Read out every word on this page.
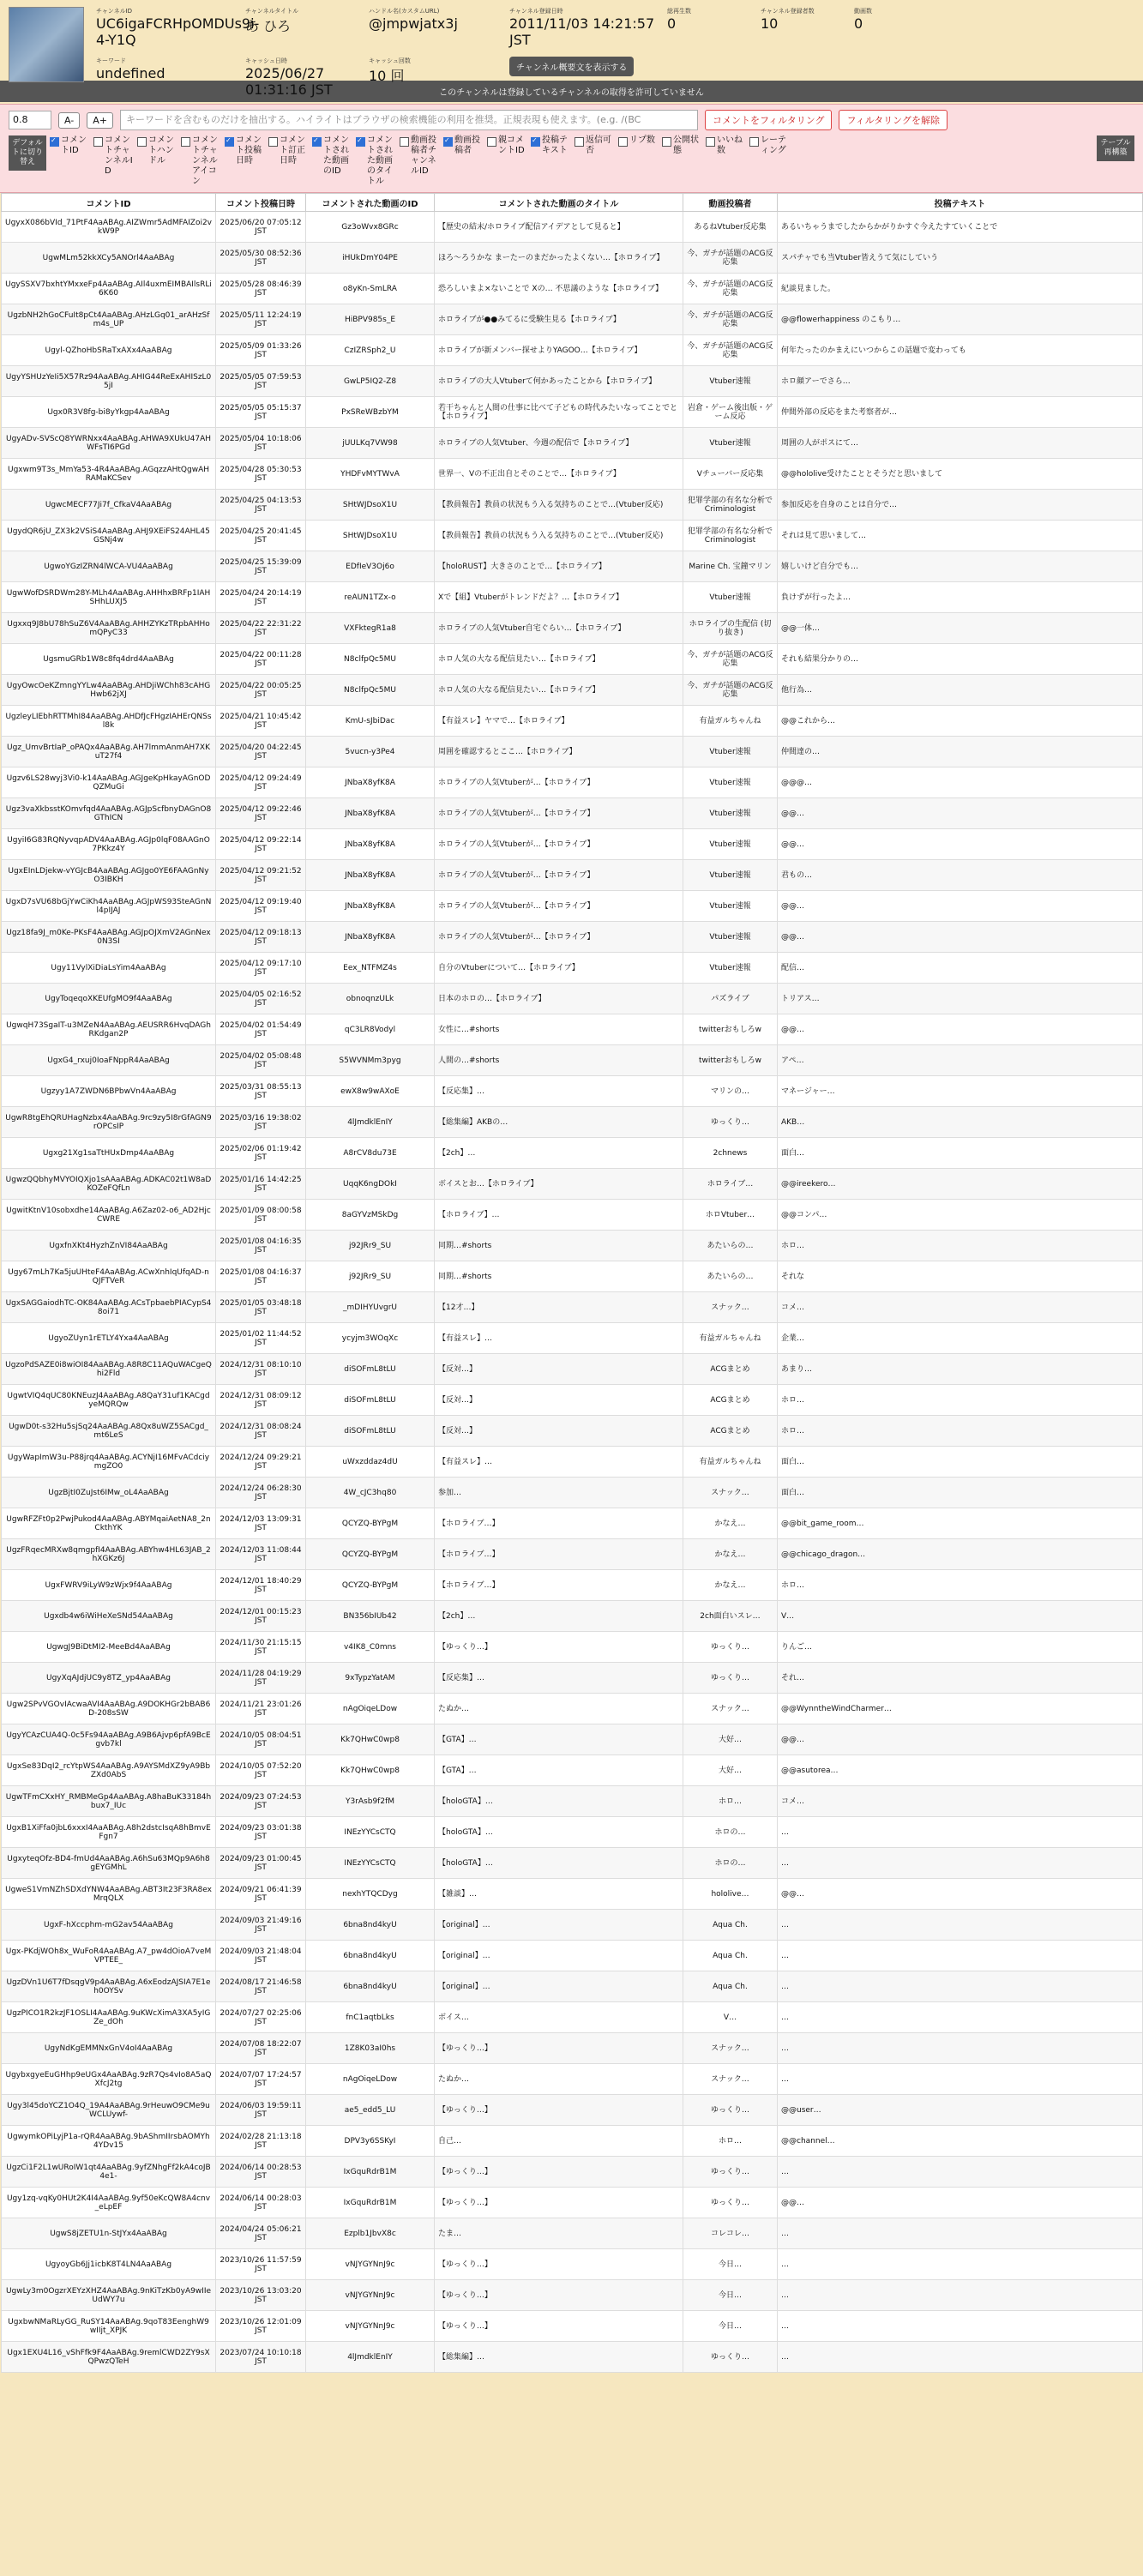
チャンネルID
UC6igaFCRHpOMDUs9i-4-Y1Q
チャンネルタイトル
あ ひろ
ハンドル名(カスタムURL)
@jmpwjatx3j
チャンネル登録日時
2011/11/03 14:21:57 JST
総再生数
0
チャンネル登録者数
10
動画数
0
キーワード
undefined
キャッシュ日時
2025/06/27 01:31:16 JST
キャッシュ回数
10 回	チャンネル概要文を表示する
このチャンネルは登録しているチャンネルの取得を許可していません
0.8	A-	A+	キーワードを含むものだけを抽出する。ハイライトはブラウザの検索機能の利用を推奨。正規表現も使えます。(e.g. /(BC	コメントをフィルタリング	フィルタリングを解除
デフォルトに切り替え
✓
コメントID
コメントチャンネルID
コメントハンドル
コメントチャンネルアイコン
✓
コメント投稿日時
コメント訂正日時
✓
コメントされた動画のID
✓
コメントされた動画のタイトル
動画投稿者チャンネルID
✓
動画投稿者
親コメントID
✓
投稿テキスト
返信可否
リプ数	公開状態
いいね数
レーティング
テーブル再構築
コメントID	コメント投稿日時	コメントされた動画のID	コメントされた動画のタイトル	動画投稿者	投稿テキスト
UgyxX086bVId_71PtF4AaABAg.AIZWmr5AdMFAIZoi2vkW9P	2025/06/20 07:05:12 JST	Gz3oWvx8GRc	【歴史の結末/ホロライブ配信アイデアとして見ると】	あるねVtuber反応集	あるいちゃうまでしたからかがりかすぐ今えたすていくことで
UgwMLm52kkXCy5ANOrl4AaABAg	2025/05/30 08:52:36 JST	iHUkDmY04PE	ほろ〜ろうかな まーたーのまだかったよくない…【ホロライブ】	今、ガチが話題のACG反応集	スパチャでも当Vtuber皆えうて気にしていう
UgySSXV7bxhtYMxxeFp4AaABAg.AIl4uxmEIMBAIlsRLi6K60	2025/05/28 08:46:39 JST	o8yKn-SmLRA	恐ろしいまよ×ないことで Xの… 不思議のような【ホロライブ】	今、ガチが話題のACG反応集	紀談見ました。
UgzbNH2hGoCFuIt8pCt4AaABAg.AHzLGq01_arAHzSfm4s_UP	2025/05/11 12:24:19 JST	HiBPV985s_E	ホロライブが●●みてるに受験生見る【ホロライブ】	今、ガチが話題のACG反応集	@@flowerhappiness のこもり…
Ugyl-QZhoHbSRaTxAXx4AaABAg	2025/05/09 01:33:26 JST	CzIZRSph2_U	ホロライブが新メンバー探せよりYAGOO…【ホロライブ】	今、ガチが話題のACG反応集	何年たったのかまえにいつからこの話題で変わっても
UgyYSHUzYeIi5X57Rz94AaABAg.AHIG44ReExAHISzL05jI	2025/05/05 07:59:53 JST	GwLP5IQ2-Z8	ホロライブの大人Vtuberて何かあったことから【ホロライブ】	Vtuber速報	ホロ顔アーでさら…
Ugx0R3V8fg-bi8yYkgp4AaABAg	2025/05/05 05:15:37 JST	PxSReWBzbYM	若干ちゃんと人間の仕事に比べて子どもの時代みたいなってことでと【ホロライブ】	岩倉・ゲーム後出版・ゲーム反応	仲間外部の反応をまた考察者が…
UgyADv-SVScQ8YWRNxx4AaABAg.AHWA9XUkU47AHWFsTI6PGd	2025/05/04 10:18:06 JST	jUULKq7VW98	ホロライブの人気Vtuber、今週の配信で【ホロライブ】	Vtuber速報	周囲の人がポスにて…
Ugxwm9T3s_MmYa53-4R4AaABAg.AGqzzAHtQgwAHRAMaKCSev	2025/04/28 05:30:53 JST	YHDFvMYTWvA	世界一、Vの不正出自とそのことで…【ホロライブ】	Vチューバー反応集	@@hololive受けたこととそうだと思いまして
UgwcMECF77Ji7f_CfkaV4AaABAg	2025/04/25 04:13:53 JST	SHtWJDsoX1U	【教員報告】教員の状況もう入る気持ちのことで…(Vtuber反応)	犯罪学部の有名な分析で Criminologist	参加反応を自身のことは自分で…
UgydQR6jU_ZX3k2VSiS4AaABAg.AHJ9XEiFS24AHL45GSNj4w	2025/04/25 20:41:45 JST	SHtWJDsoX1U	【教員報告】教員の状況もう入る気持ちのことで…(Vtuber反応)	犯罪学部の有名な分析で Criminologist	それは見て思いまして…
UgwoYGzIZRN4lWCA-VU4AaABAg	2025/04/25 15:39:09 JST	EDfIeV3Oj6o	【holoRUST】大きさのことで…【ホロライブ】	Marine Ch. 宝鐘マリン	嬉しいけど自分でも…
UgwWofDSRDWm28Y-MLh4AaABAg.AHHhxBRFp1IAHSHhLUXJ5	2025/04/24 20:14:19 JST	reAUN1TZx-o	Xで【組】Vtuberがトレンドだよ？…【ホロライブ】	Vtuber速報	負けずが行ったよ…
Ugxxq9J8bU78hSuZ6V4AaABAg.AHHZYKzTRpbAHHomQPyC33	2025/04/22 22:31:22 JST	VXFktegR1a8	ホロライブの人気Vtuber自宅ぐらい…【ホロライブ】	ホロライブの生配信 (切り抜き)	@@一体…
UgsmuGRb1W8c8fq4drd4AaABAg	2025/04/22 00:11:28 JST	N8clfpQc5MU	ホロ人気の大なる配信見たい…【ホロライブ】	今、ガチが話題のACG反応集	それも結果分かりの…
UgyOwcOeKZmngYYLw4AaABAg.AHDjiWChh83cAHGHwb62jXJ	2025/04/22 00:05:25 JST	N8clfpQc5MU	ホロ人気の大なる配信見たい…【ホロライブ】	今、ガチが話題のACG反応集	他行為…
UgzleyLIEbhRTTMhI84AaABAg.AHDfJcFHgzIAHErQNSsl8k	2025/04/21 10:45:42 JST	KmU-sJbiDac	【有益スレ】ヤマで…【ホロライブ】	有益ガルちゃんね	@@これから…
Ugz_UmvBrtIaP_oPAQx4AaABAg.AH7lmmAnmAH7XKuT27f4	2025/04/20 04:22:45 JST	5vucn-y3Pe4	周囲を確認するとここ…【ホロライブ】	Vtuber速報	仲間達の…
Ugzv6LS28wyj3Vi0-k14AaABAg.AGJgeKpHkayAGnODQZMuGi	2025/04/12 09:24:49 JST	JNbaX8yfK8A	ホロライブの人気Vtuberが…【ホロライブ】	Vtuber速報	@@@…
Ugz3vaXkbsstKOmvfqd4AaABAg.AGJpScfbnyDAGnO8GThICN	2025/04/12 09:22:46 JST	JNbaX8yfK8A	ホロライブの人気Vtuberが…【ホロライブ】	Vtuber速報	@@…
UgyiI6G83RQNyvqpADV4AaABAg.AGJp0lqF08AAGnO7PKkz4Y	2025/04/12 09:22:14 JST	JNbaX8yfK8A	ホロライブの人気Vtuberが…【ホロライブ】	Vtuber速報	@@…
UgxEInLDjekw-vYGJcB4AaABAg.AGJgo0YE6FAAGnNyO3IBKH	2025/04/12 09:21:52 JST	JNbaX8yfK8A	ホロライブの人気Vtuberが…【ホロライブ】	Vtuber速報	君もの…
UgxD7sVU68bGjYwCiKh4AaABAg.AGJpWS93SteAGnNl4pIJAJ	2025/04/12 09:19:40 JST	JNbaX8yfK8A	ホロライブの人気Vtuberが…【ホロライブ】	Vtuber速報	@@…
Ugz18fa9J_m0Ke-PKsF4AaABAg.AGJpOJXmV2AGnNex0N3SI	2025/04/12 09:18:13 JST	JNbaX8yfK8A	ホロライブの人気Vtuberが…【ホロライブ】	Vtuber速報	@@…
Ugy11VylXiDiaLsYim4AaABAg	2025/04/12 09:17:10 JST	Eex_NTFMZ4s	自分のVtuberについて…【ホロライブ】	Vtuber速報	配信…
UgyToqeqoXKEUfgMO9f4AaABAg	2025/04/05 02:16:52 JST	obnoqnzULk	日本のホロの…【ホロライブ】	パズライブ	トリアス…
UgwqH73SgaIT-u3MZeN4AaABAg.AEUSRR6HvqDAGhRKdgan2P	2025/04/02 01:54:49 JST	qC3LR8Vodyl	女性に…#shorts	twitterおもしろw	@@…
UgxG4_rxuj0IoaFNppR4AaABAg	2025/04/02 05:08:48 JST	S5WVNMm3pyg	人間の…#shorts	twitterおもしろw	アペ…
Ugzyy1A7ZWDN6BPbwVn4AaABAg	2025/03/31 08:55:13 JST	ewX8w9wAXoE	【反応集】…	マリンの…	マネージャー…
UgwR8tgEhQRUHagNzbx4AaABAg.9rc9zy5I8rGfAGN9rOPCsIP	2025/03/16 19:38:02 JST	4lJmdklEnIY	【総集編】AKBの…	ゆっくり…	AKB…
Ugxg21Xg1saTtHUxDmp4AaABAg	2025/02/06 01:19:42 JST	A8rCV8du73E	【2ch】…	2chnews	面白…
UgwzQQbhyMVYOIQXjo1sAAaABAg.ADKAC02t1W8aDKOZeFQfLn	2025/01/16 14:42:25 JST	UqqK6ngDOkI	ボイスとお…【ホロライブ】	ホロライブ…	@@ireekero…
UgwitKtnV10sobxdhe14AaABAg.A6Zaz02-o6_AD2HjcCWRE	2025/01/09 08:00:58 JST	8aGYVzMSkDg	【ホロライブ】…	ホロVtuber…	@@コンパ…
UgxfnXKt4HyzhZnVI84AaABAg	2025/01/08 04:16:35 JST	j92JRr9_SU	同期…#shorts	あたいらの…	ホロ…
Ugy67mLh7Ka5juUHteF4AaABAg.ACwXnhIqUfqAD-nQJFTVeR	2025/01/08 04:16:37 JST	j92JRr9_SU	同期…#shorts	あたいらの…	それな
UgxSAGGaiodhTC-OK84AaABAg.ACsTpbaebPIACypS48oi71	2025/01/05 03:48:18 JST	_mDIHYUvgrU	【12才…】	スナック…	コメ…
UgyoZUyn1rETLY4Yxa4AaABAg	2025/01/02 11:44:52 JST	ycyjm3WOqXc	【有益スレ】…	有益ガルちゃんね	企業…
UgzoPdSAZE0i8wiOI84AaABAg.A8R8C11AQuWACgeQhi2Fld	2024/12/31 08:10:10 JST	diSOFmL8tLU	【反対…】	ACGまとめ	あまり…
UgwtVIQ4qUC80KNEuzJ4AaABAg.A8QaY31uf1KACgdyeMQRQw	2024/12/31 08:09:12 JST	diSOFmL8tLU	【反対…】	ACGまとめ	ホロ…
UgwD0t-s32Hu5sjSq24AaABAg.A8Qx8uWZ5SACgd_mt6LeS	2024/12/31 08:08:24 JST	diSOFmL8tLU	【反対…】	ACGまとめ	ホロ…
UgyWapImW3u-P88jrq4AaABAg.ACYNjI16MFvACdciymgZO0	2024/12/24 09:29:21 JST	uWxzddaz4dU	【有益スレ】…	有益ガルちゃんね	面白…
UgzBjtI0ZuJst6IMw_oL4AaABAg	2024/12/24 06:28:30 JST	4W_cJC3hq80	参加…	スナック…	面白…
UgwRFZFt0p2PwjPukod4AaABAg.ABYMqaiAetNA8_2nCkthYK	2024/12/03 13:09:31 JST	QCYZQ-BYPgM	【ホロライブ…】	かなえ…	@@bit_game_room…
UgzFRqecMRXw8qmgpfI4AaABAg.ABYhw4HL63JAB_2hXGKz6J	2024/12/03 11:08:44 JST	QCYZQ-BYPgM	【ホロライブ…】	かなえ…	@@chicago_dragon…
UgxFWRV9iLyW9zWjx9f4AaABAg	2024/12/01 18:40:29 JST	QCYZQ-BYPgM	【ホロライブ…】	かなえ…	ホロ…
Ugxdb4w6iWiHeXeSNd54AaABAg	2024/12/01 00:15:23 JST	BN356bIUb42	【2ch】…	2ch面白いスレ…	V…
UgwgJ9BiDtMI2-MeeBd4AaABAg	2024/11/30 21:15:15 JST	v4IK8_C0mns	【ゆっくり…】	ゆっくり…	りんご…
UgyXqAJdjUC9y8TZ_yp4AaABAg	2024/11/28 04:19:29 JST	9xTypzYatAM	【反応集】…	ゆっくり…	それ…
Ugw2SPvVGOvIAcwaAVI4AaABAg.A9DOKHGr2bBAB6D-208sSW	2024/11/21 23:01:26 JST	nAgOiqeLDow	たぬか…	スナック…	@@WynntheWindCharmer…
UgyYCAzCUA4Q-0c5Fs94AaABAg.A9B6Ajvp6pfA9BcEgvb7kl	2024/10/05 08:04:51 JST	Kk7QHwC0wp8	【GTA】…	大好…	@@…
UgxSe83DqI2_rcYtpWS4AaABAg.A9AYSMdXZ9yA9BbZXd0AbS	2024/10/05 07:52:20 JST	Kk7QHwC0wp8	【GTA】…	大好…	@@asutorea…
UgwTFmCXxHY_RMBMeGp4AaABAg.A8haBuK33184hbux7_IUc	2024/09/23 07:24:53 JST	Y3rAsb9f2fM	【holoGTA】…	ホロ…	コメ…
UgxB1XiFfa0jbL6xxxI4AaABAg.A8h2dstcIsqA8hBmvEFgn7	2024/09/23 03:01:38 JST	INEzYYCsCTQ	【holoGTA】…	ホロの…	…
UgxyteqOfz-BD4-fmUd4AaABAg.A6hSu63MQp9A6h8gEYGMhL	2024/09/23 01:00:45 JST	INEzYYCsCTQ	【holoGTA】…	ホロの…	…
UgweS1VmNZhSDXdYNW4AaABAg.ABT3It23F3RA8exMrqQLX	2024/09/21 06:41:39 JST	nexhYTQCDyg	【雑談】…	hololive…	@@…
UgxF-hXccphm-mG2av54AaABAg	2024/09/03 21:49:16 JST	6bna8nd4kyU	【original】…	Aqua Ch.	…
Ugx-PKdjWOh8x_WuFoR4AaABAg.A7_pw4dOioA7veMVPTEE_	2024/09/03 21:48:04 JST	6bna8nd4kyU	【original】…	Aqua Ch.	…
UgzDVn1U6T7fDsqgV9p4AaABAg.A6xEodzAJSIA7E1eh0OYSv	2024/08/17 21:46:58 JST	6bna8nd4kyU	【original】…	Aqua Ch.	…
UgzPICO1R2kzJF1OSLI4AaABAg.9uKWcXimA3XA5yIGZe_dOh	2024/07/27 02:25:06 JST	fnC1aqtbLks	ボイス…	V…	…
UgyNdKgEMMNxGnV4oI4AaABAg	2024/07/08 18:22:07 JST	1Z8K03aI0hs	【ゆっくり…】	スナック…	…
UgybxgyeEuGHhp9eUGx4AaABAg.9zR7Qs4vIo8A5aQXfcJ2tg	2024/07/07 17:24:57 JST	nAgOiqeLDow	たぬか…	スナック…	…
Ugy3l45doYCZ1O4Q_19A4AaABAg.9rHeuwO9CMe9uWCLUywf-	2024/06/03 19:59:11 JST	ae5_edd5_LU	【ゆっくり…】	ゆっくり…	@@user…
UgwymkOPiLyjP1a-rQR4AaABAg.9bAShmIIrsbAOMYh4YDv15	2024/02/28 21:13:18 JST	DPV3y6SSKyI	自己…	ホロ…	@@channel…
UgzCi1F2L1wURoIW1qt4AaABAg.9yfZNhgFf2kA4coJB4e1-	2024/06/14 00:28:53 JST	IxGquRdrB1M	【ゆっくり…】	ゆっくり…	…
Ugy1zq-vqKy0HUt2K4I4AaABAg.9yf50eKcQW8A4cnv_eLpEF	2024/06/14 00:28:03 JST	IxGquRdrB1M	【ゆっくり…】	ゆっくり…	@@…
UgwS8jZETU1n-StJYx4AaABAg	2024/04/24 05:06:21 JST	Ezplb1JbvX8c	たま…	コレコレ…	…
UgyoyGb6Jj1icbK8T4LN4AaABAg	2023/10/26 11:57:59 JST	vNJYGYNnJ9c	【ゆっくり…】	今日…	…
UgwLy3m0OgzrXEYzXHZ4AaABAg.9nKiTzKb0yA9wIIeUdWY7u	2023/10/26 13:03:20 JST	vNJYGYNnJ9c	【ゆっくり…】	今日…	…
UgxbwNMaRLyGG_RuSY14AaABAg.9qoT83EenghW9wIIjt_XPJK	2023/10/26 12:01:09 JST	vNJYGYNnJ9c	【ゆっくり…】	今日…	…
Ugx1EXU4L16_vShFfk9F4AaABAg.9remlCWD2ZY9sXQPwzQTeH	2023/07/24 10:10:18 JST	4lJmdklEnIY	【総集編】…	ゆっくり…	…
